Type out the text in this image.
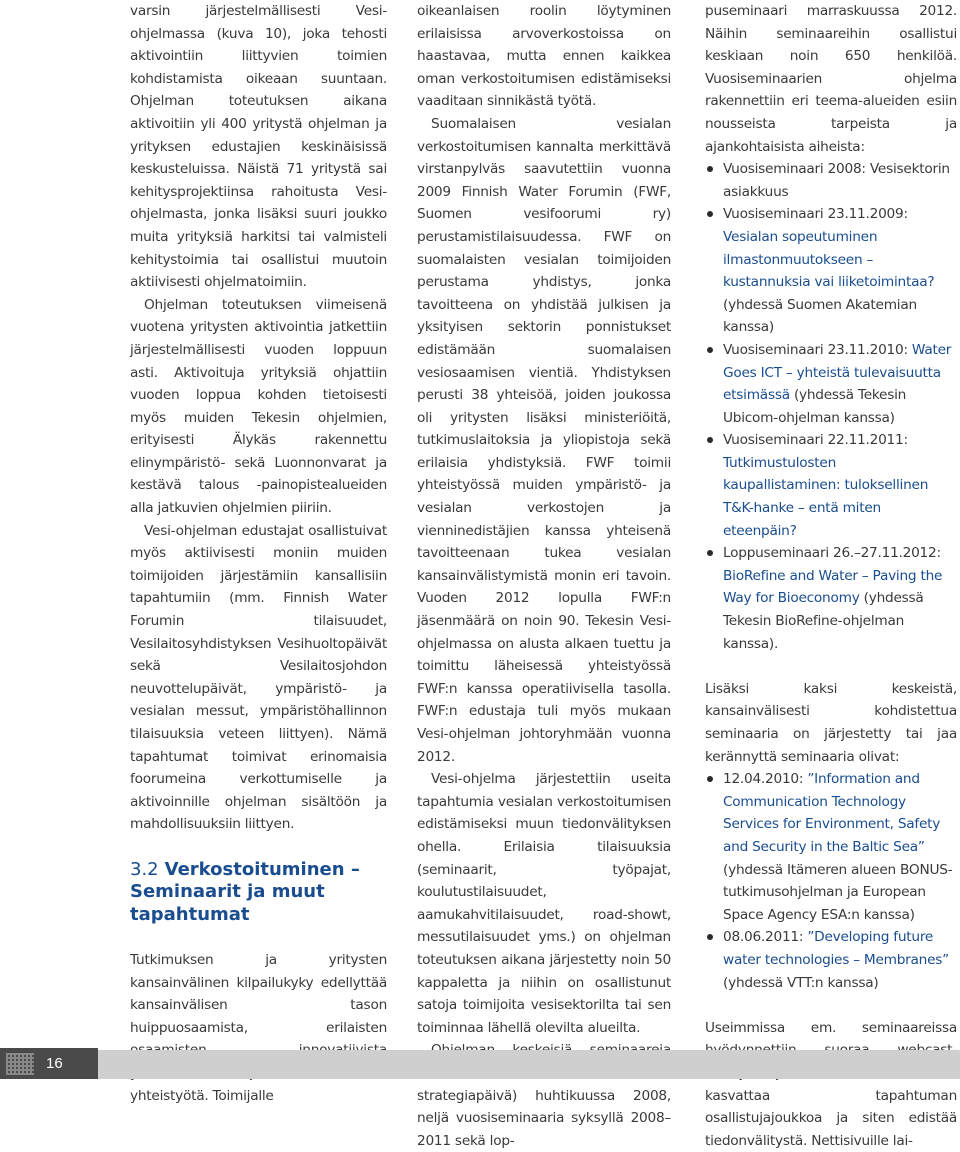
varsin järjestelmällisesti Vesi-ohjelmassa (kuva 10), joka tehosti aktivointiin liittyvien toimien kohdistamista oikeaan suuntaan. Ohjelman toteutuksen aikana aktivoitiin yli 400 yritystä ohjelman ja yrityksen edustajien keskinäisissä keskusteluissa. Näistä 71 yritystä sai kehitysprojektiinsa rahoitusta Vesi-ohjelmasta, jonka lisäksi suuri joukko muita yrityksiä harkitsi tai valmisteli kehitystoimia tai osallistui muutoin aktiivisesti ohjelmatoimiin.

Ohjelman toteutuksen viimeisenä vuotena yritysten aktivointia jatkettiin järjestelmällisesti vuoden loppuun asti. Aktivoituja yrityksiä ohjattiin vuoden loppua kohden tietoisesti myös muiden Tekesin ohjelmien, erityisesti Älykäs rakennettu elinympäristö- sekä Luonnonvarat ja kestävä talous -painopistealueiden alla jatkuvien ohjelmien piiriin.

Vesi-ohjelman edustajat osallistuivat myös aktiivisesti moniin muiden toimijoiden järjestämiin kansallisiin tapahtumiin (mm. Finnish Water Forumin tilaisuudet, Vesilaitosyhdistyksen Vesihuoltopäivät sekä Vesilaitosjohdon neuvottelupäivät, ympäristö- ja vesialan messut, ympäristöhallinnon tilaisuuksia veteen liittyen). Nämä tapahtumat toimivat erinomaisia foorumeina verkottumiselle ja aktivoinnille ohjelman sisältöön ja mahdollisuuksiin liittyen.

3.2 Verkostoituminen – Seminaarit ja muut tapahtumat

Tutkimuksen ja yritysten kansainvälinen kilpailukyky edellyttää kansainvälisen tason huippuosaamista, erilaisten yhteistyötä. Toimijalle

oikeanlaisen roolin löytyminen erilaisissa arvoverkostoissa on haastavaa, mutta ennen kaikkea oman verkostoitumisen edistämiseksi vaaditaan sinnikästä työtä.

Suomalaisen vesialan verkostoitumisen kannalta merkittävä virstanpylväs saavutettiin vuonna 2009 Finnish Water Forumin (FWF, Suomen vesifoorumi ry) perustamistilaisuudessa. FWF on suomalaisten vesialan toimijoiden perustama yhdistys, jonka tavoitteena on yhdistää julkisen ja yksityisen sektorin ponnistukset edistämään suomalaisen vesiosaamisen vientiä. Yhdistyksen perusti 38 yhteisöä, joiden joukossa oli yritysten lisäksi ministeriöitä, tutkimuslaitoksia ja yliopistoja sekä erilaisia yhdistyksiä. FWF toimii yhteistyössä muiden ympäristö- ja vesialan verkostojen ja vienninedistäjien kanssa yhteisenä tavoitteenaan tukea vesialan kansainvälistymistä monin eri tavoin. Vuoden 2012 lopulla FWF:n jäsenmäärä on noin 90. Tekesin Vesi-ohjelmassa on alusta alkaen tuettu ja toimittu läheisessä yhteistyössä FWF:n kanssa operatiivisella tasolla. FWF:n edustaja tuli myös mukaan Vesi-ohjelman johtoryhmään vuonna 2012.

Vesi-ohjelma järjestettiin useita tapahtumia vesialan verkostoitumisen edistämiseksi muun tiedonvälityksen ohella. Erilaisia tilaisuuksia (seminaarit, työpajat, koulutustilaisuudet, aamukahvitilaisuudet, road-showt, messutilaisuudet yms.) on ohjelman toteutuksen aikana järjestetty noin 50 kappaletta ja niihin on osallistunut satoja toimijoita vesisektorilta tai sen toiminnaa lähellä olevilta alueilta.

strategiapäivä) huhtikuussa 2008, neljä vuosiseminaaria syksyllä 2008–2011 sekä lop-

puseminaari marraskuussa 2012. Näihin seminaareihin osallistui keskiaan noin 650 henkilöä. Vuosiseminaarien ohjelma rakennettiin eri teema-alueiden esiin nousseista tarpeista ja ajankohtaisista aiheista:

Vuosiseminaari 2008: Vesisektorin asiakkuus
Vuosiseminaari 23.11.2009: Vesialan sopeutuminen ilmastonmuutokseen – kustannuksia vai liiketoimintaa? (yhdessä Suomen Akatemian kanssa)
Vuosiseminaari 23.11.2010: Water Goes ICT – yhteistä tulevaisuutta etsimässä (yhdessä Tekesin Ubicom-ohjelman kanssa)
Vuosiseminaari 22.11.2011: Tutkimustulosten kaupallistaminen: tuloksellinen T&K-hanke – entä miten eteenpäin?
Loppuseminaari 26.–27.11.2012: BioRefine and Water – Paving the Way for Bioeconomy (yhdessä Tekesin BioRefine-ohjelman kanssa).

Lisäksi kaksi keskeistä, kansainvälisesti kohdistettua seminaaria on järjestetty tai jaa kerännyttä seminaaria olivat:

12.04.2010: ”Information and Communication Technology Services for Environment, Safety and Security in the Baltic Sea” (yhdessä Itämeren alueen BONUS-tutkimusohjelman ja European Space Agency ESA:n kanssa)
08.06.2011: ”Developing future water technologies – Membranes” (yhdessä VTT:n kanssa)

Useimmissa em. seminaareissa kasvattaa tapahtuman osallistujajoukkoa ja siten edistää tiedonvälitystä. Nettisivuille lai-

16
